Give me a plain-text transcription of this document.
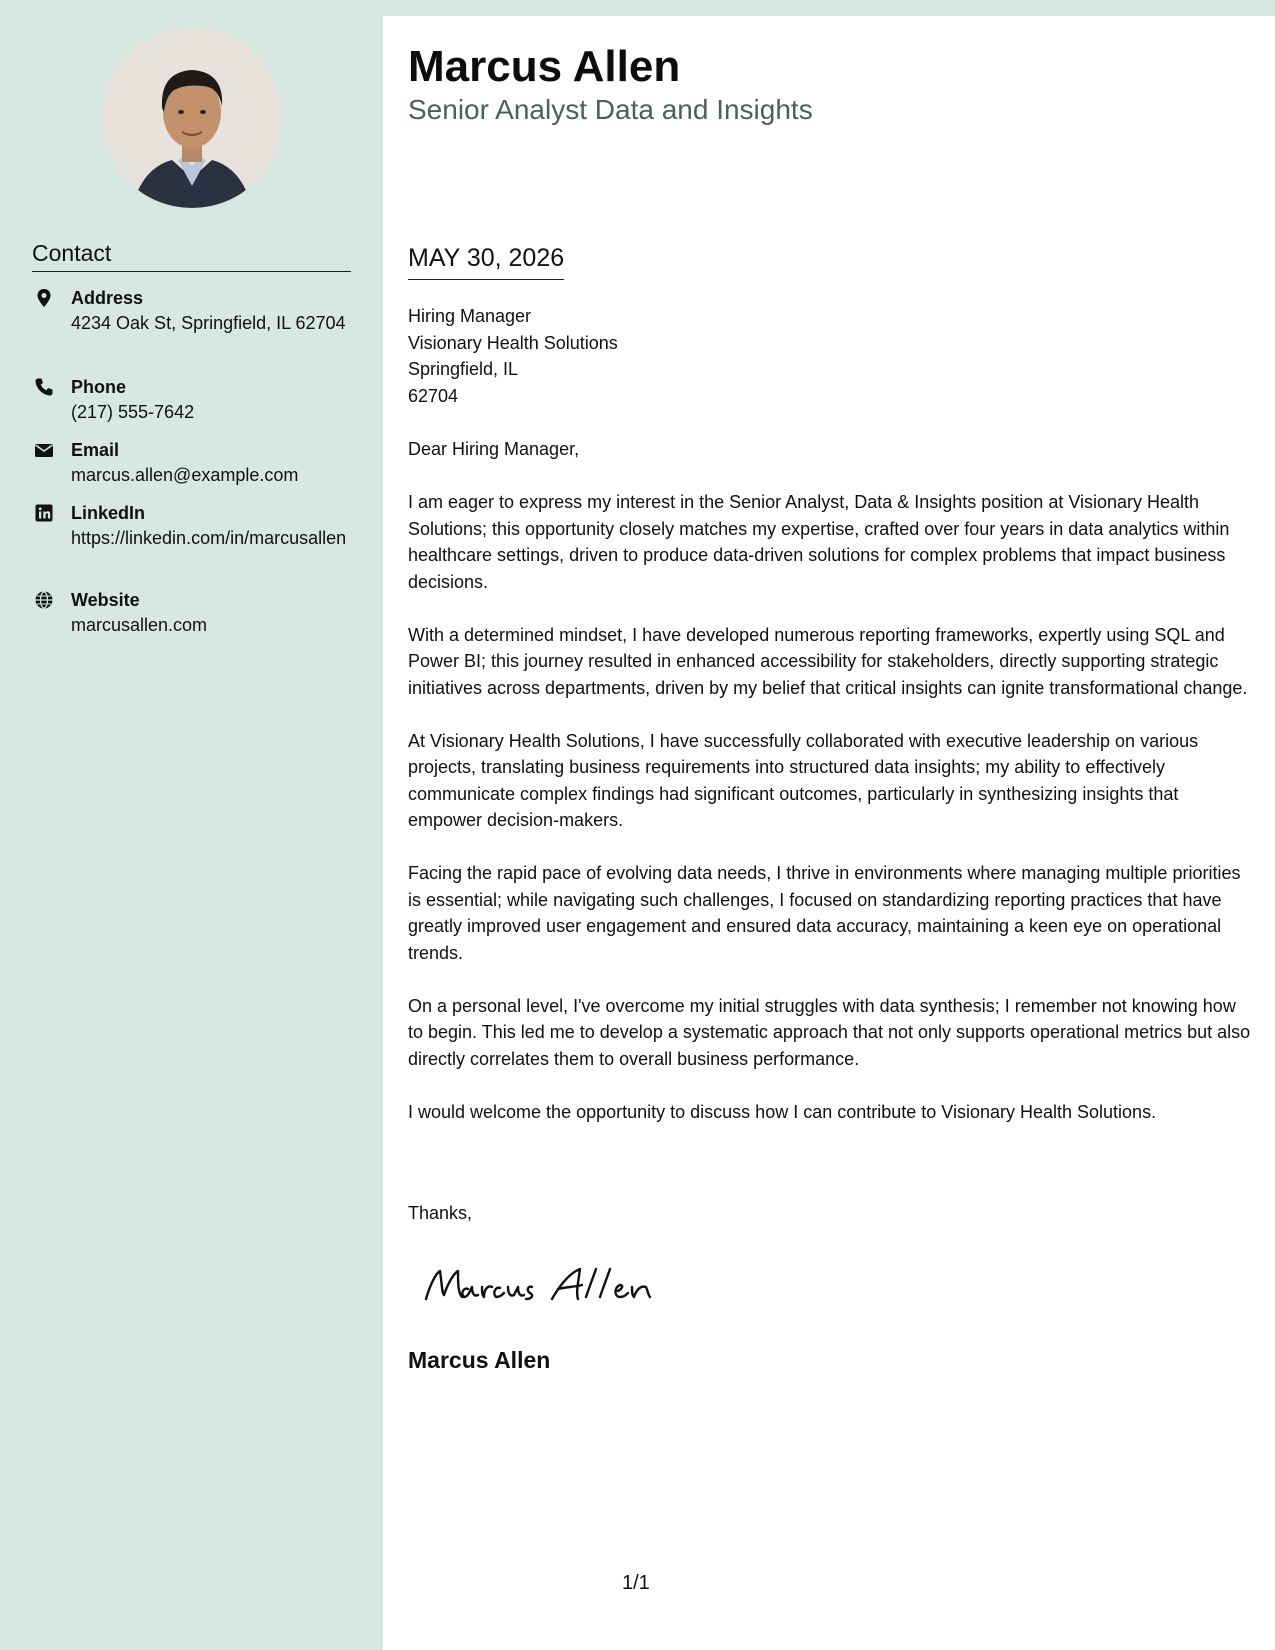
Contact
Address
4234 Oak St, Springfield, IL 62704
Phone
(217) 555-7642
Email
marcus.allen@example.com
LinkedIn
https://linkedin.com/in/marcusallen
Website
marcusallen.com
Marcus Allen
Senior Analyst Data and Insights
MAY 30, 2026
Hiring Manager
Visionary Health Solutions
Springfield, IL
62704

Dear Hiring Manager,

I am eager to express my interest in the Senior Analyst, Data & Insights position at Visionary Health Solutions; this opportunity closely matches my expertise, crafted over four years in data analytics within healthcare settings, driven to produce data-driven solutions for complex problems that impact business decisions.

With a determined mindset, I have developed numerous reporting frameworks, expertly using SQL and Power BI; this journey resulted in enhanced accessibility for stakeholders, directly supporting strategic initiatives across departments, driven by my belief that critical insights can ignite transformational change.

At Visionary Health Solutions, I have successfully collaborated with executive leadership on various projects, translating business requirements into structured data insights; my ability to effectively communicate complex findings had significant outcomes, particularly in synthesizing insights that empower decision-makers.

Facing the rapid pace of evolving data needs, I thrive in environments where managing multiple priorities is essential; while navigating such challenges, I focused on standardizing reporting practices that have greatly improved user engagement and ensured data accuracy, maintaining a keen eye on operational trends.

On a personal level, I've overcome my initial struggles with data synthesis; I remember not knowing how to begin. This led me to develop a systematic approach that not only supports operational metrics but also directly correlates them to overall business performance.

I would welcome the opportunity to discuss how I can contribute to Visionary Health Solutions.

Thanks,
Marcus Allen
1/1
